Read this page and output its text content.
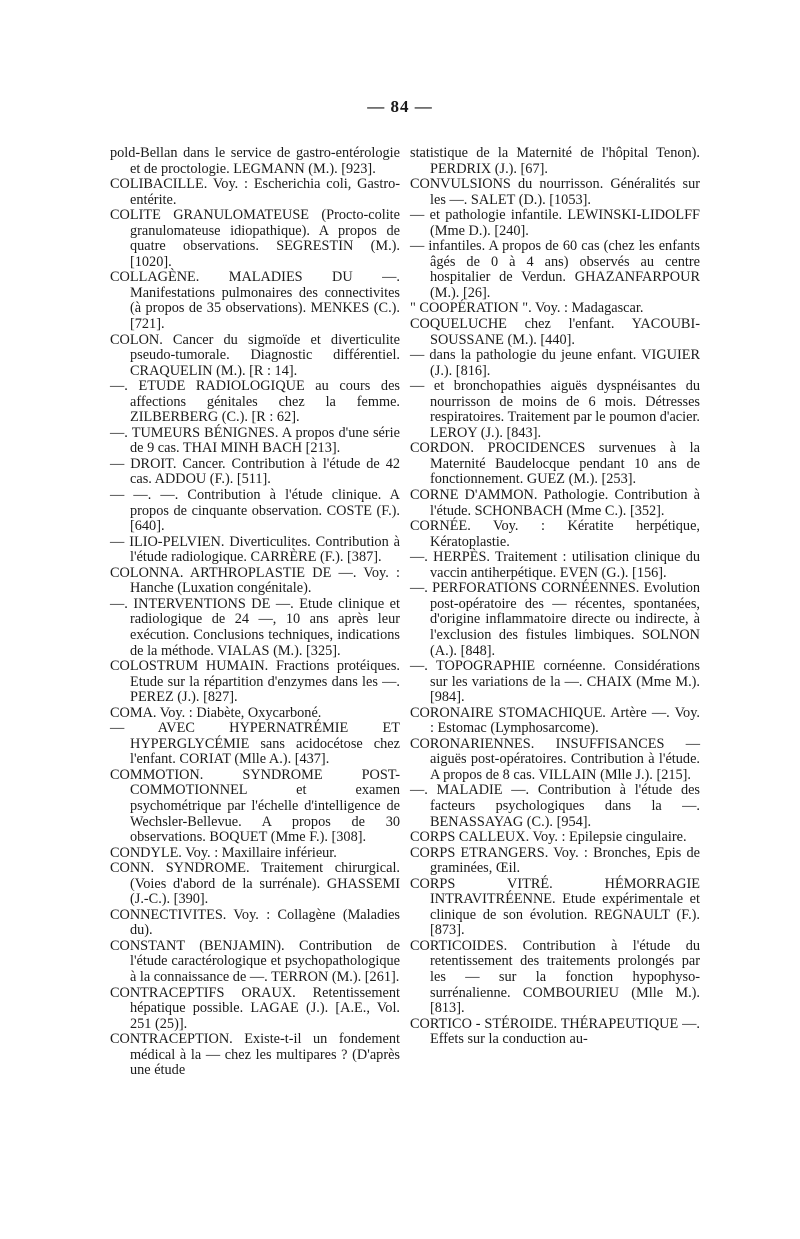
— 84 —

pold-Bellan dans le service de gastro-entérologie et de proctologie. LEGMANN (M.). [923].

COLIBACILLE. Voy. : Escherichia coli, Gastro-entérite.

COLITE GRANULOMATEUSE (Procto-colite granulomateuse idiopathique). A propos de quatre observations. SEGRESTIN (M.). [1020].

COLLAGÈNE. MALADIES DU —. Manifestations pulmonaires des connectivites (à propos de 35 observations). MENKES (C.). [721].

COLON. Cancer du sigmoïde et diverticulite pseudo-tumorale. Diagnostic différentiel. CRAQUELIN (M.). [R : 14].

—. ETUDE RADIOLOGIQUE au cours des affections génitales chez la femme. ZILBERBERG (C.). [R : 62].

—. TUMEURS BÉNIGNES. A propos d'une série de 9 cas. THAI MINH BACH [213].

— DROIT. Cancer. Contribution à l'étude de 42 cas. ADDOU (F.). [511].

— —. —. Contribution à l'étude clinique. A propos de cinquante observation. COSTE (F.). [640].

— ILIO-PELVIEN. Diverticulites. Contribution à l'étude radiologique. CARRÈRE (F.). [387].

COLONNA. ARTHROPLASTIE DE —. Voy. : Hanche (Luxation congénitale).

—. INTERVENTIONS DE —. Etude clinique et radiologique de 24 —, 10 ans après leur exécution. Conclusions techniques, indications de la méthode. VIALAS (M.). [325].

COLOSTRUM HUMAIN. Fractions protéiques. Etude sur la répartition d'enzymes dans les —. PEREZ (J.). [827].

COMA. Voy. : Diabète, Oxycarboné.

— AVEC HYPERNATRÉMIE ET HYPERGLYCÉMIE sans acidocétose chez l'enfant. CORIAT (Mlle A.). [437].

COMMOTION. SYNDROME POST-COMMOTIONNEL et examen psychométrique par l'échelle d'intelligence de Wechsler-Bellevue. A propos de 30 observations. BOQUET (Mme F.). [308].

CONDYLE. Voy. : Maxillaire inférieur.

CONN. SYNDROME. Traitement chirurgical. (Voies d'abord de la surrénale). GHASSEMI (J.-C.). [390].

CONNECTIVITES. Voy. : Collagène (Maladies du).

CONSTANT (BENJAMIN). Contribution de l'étude caractérologique et psychopathologique à la connaissance de —. TERRON (M.). [261].

CONTRACEPTIFS ORAUX. Retentissement hépatique possible. LAGAE (J.). [A.E., Vol. 251 (25)].

CONTRACEPTION. Existe-t-il un fondement médical à la — chez les multipares ? (D'après une étude

statistique de la Maternité de l'hôpital Tenon). PERDRIX (J.). [67].

CONVULSIONS du nourrisson. Généralités sur les —. SALET (D.). [1053].

— et pathologie infantile. LEWINSKI-LIDOLFF (Mme D.). [240].

— infantiles. A propos de 60 cas (chez les enfants âgés de 0 à 4 ans) observés au centre hospitalier de Verdun. GHAZANFARPOUR (M.). [26].

" COOPÉRATION ". Voy. : Madagascar.

COQUELUCHE chez l'enfant. YACOUBI-SOUSSANE (M.). [440].

— dans la pathologie du jeune enfant. VIGUIER (J.). [816].

— et bronchopathies aiguës dyspnéisantes du nourrisson de moins de 6 mois. Détresses respiratoires. Traitement par le poumon d'acier. LEROY (J.). [843].

CORDON. PROCIDENCES survenues à la Maternité Baudelocque pendant 10 ans de fonctionnement. GUEZ (M.). [253].

CORNE D'AMMON. Pathologie. Contribution à l'étude. SCHONBACH (Mme C.). [352].

CORNÉE. Voy. : Kératite herpétique, Kératoplastie.

—. HERPÈS. Traitement : utilisation clinique du vaccin antiherpétique. EVEN (G.). [156].

—. PERFORATIONS CORNÉENNES. Evolution post-opératoire des — récentes, spontanées, d'origine inflammatoire directe ou indirecte, à l'exclusion des fistules limbiques. SOLNON (A.). [848].

—. TOPOGRAPHIE cornéenne. Considérations sur les variations de la —. CHAIX (Mme M.). [984].

CORONAIRE STOMACHIQUE. Artère —. Voy. : Estomac (Lymphosarcome).

CORONARIENNES. INSUFFISANCES — aiguës post-opératoires. Contribution à l'étude. A propos de 8 cas. VILLAIN (Mlle J.). [215].

—. MALADIE —. Contribution à l'étude des facteurs psychologiques dans la —. BENASSAYAG (C.). [954].

CORPS CALLEUX. Voy. : Epilepsie cingulaire.

CORPS ETRANGERS. Voy. : Bronches, Epis de graminées, Œil.

CORPS VITRÉ. HÉMORRAGIE INTRAVITRÉENNE. Etude expérimentale et clinique de son évolution. REGNAULT (F.). [873].

CORTICOIDES. Contribution à l'étude du retentissement des traitements prolongés par les — sur la fonction hypophyso-surrénalienne. COMBOURIEU (Mlle M.). [813].

CORTICO - STÉROIDE. THÉRAPEUTIQUE —. Effets sur la conduction au-
